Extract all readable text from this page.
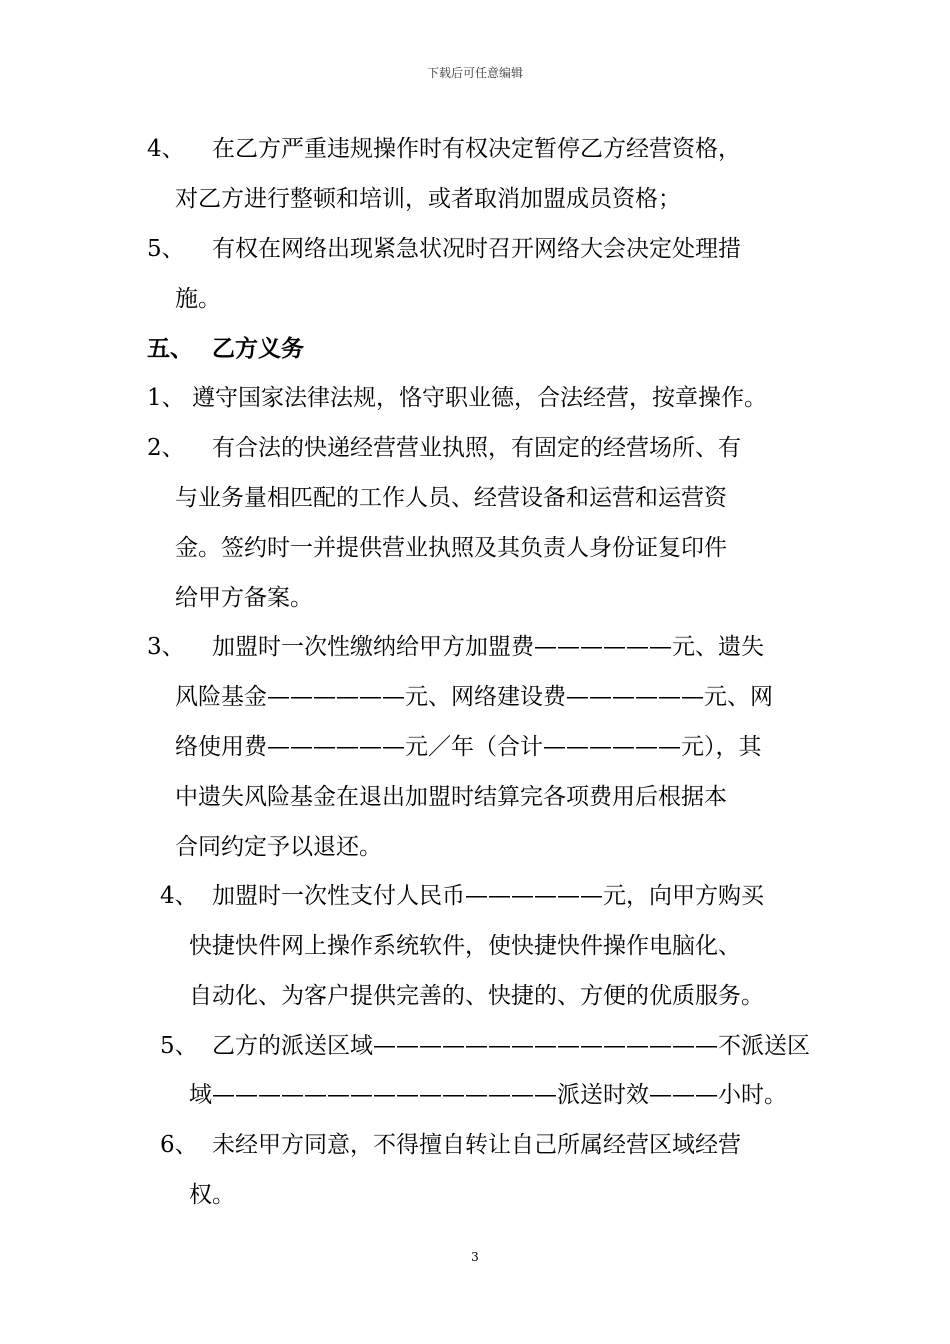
下载后可任意编辑
4、 在乙方严重违规操作时有权决定暂停乙方经营资格，
对乙方进行整顿和培训，或者取消加盟成员资格；
5、 有权在网络出现紧急状况时召开网络大会决定处理措
施。
五、 乙方义务
1、 遵守国家法律法规，恪守职业德，合法经营，按章操作。
2、 有合法的快递经营营业执照，有固定的经营场所、有
与业务量相匹配的工作人员、经营设备和运营和运营资
金。签约时一并提供营业执照及其负责人身份证复印件
给甲方备案。
3、 加盟时一次性缴纳给甲方加盟费——————元、遗失
风险基金——————元、网络建设费——————元、网
络使用费——————元／年（合计——————元），其
中遗失风险基金在退出加盟时结算完各项费用后根据本
合同约定予以退还。
4、 加盟时一次性支付人民币——————元，向甲方购买
快捷快件网上操作系统软件，使快捷快件操作电脑化、
自动化、为客户提供完善的、快捷的、方便的优质服务。
5、 乙方的派送区域———————————————不派送区
域———————————————派送时效———小时。
6、 未经甲方同意，不得擅自转让自己所属经营区域经营
权。
3
